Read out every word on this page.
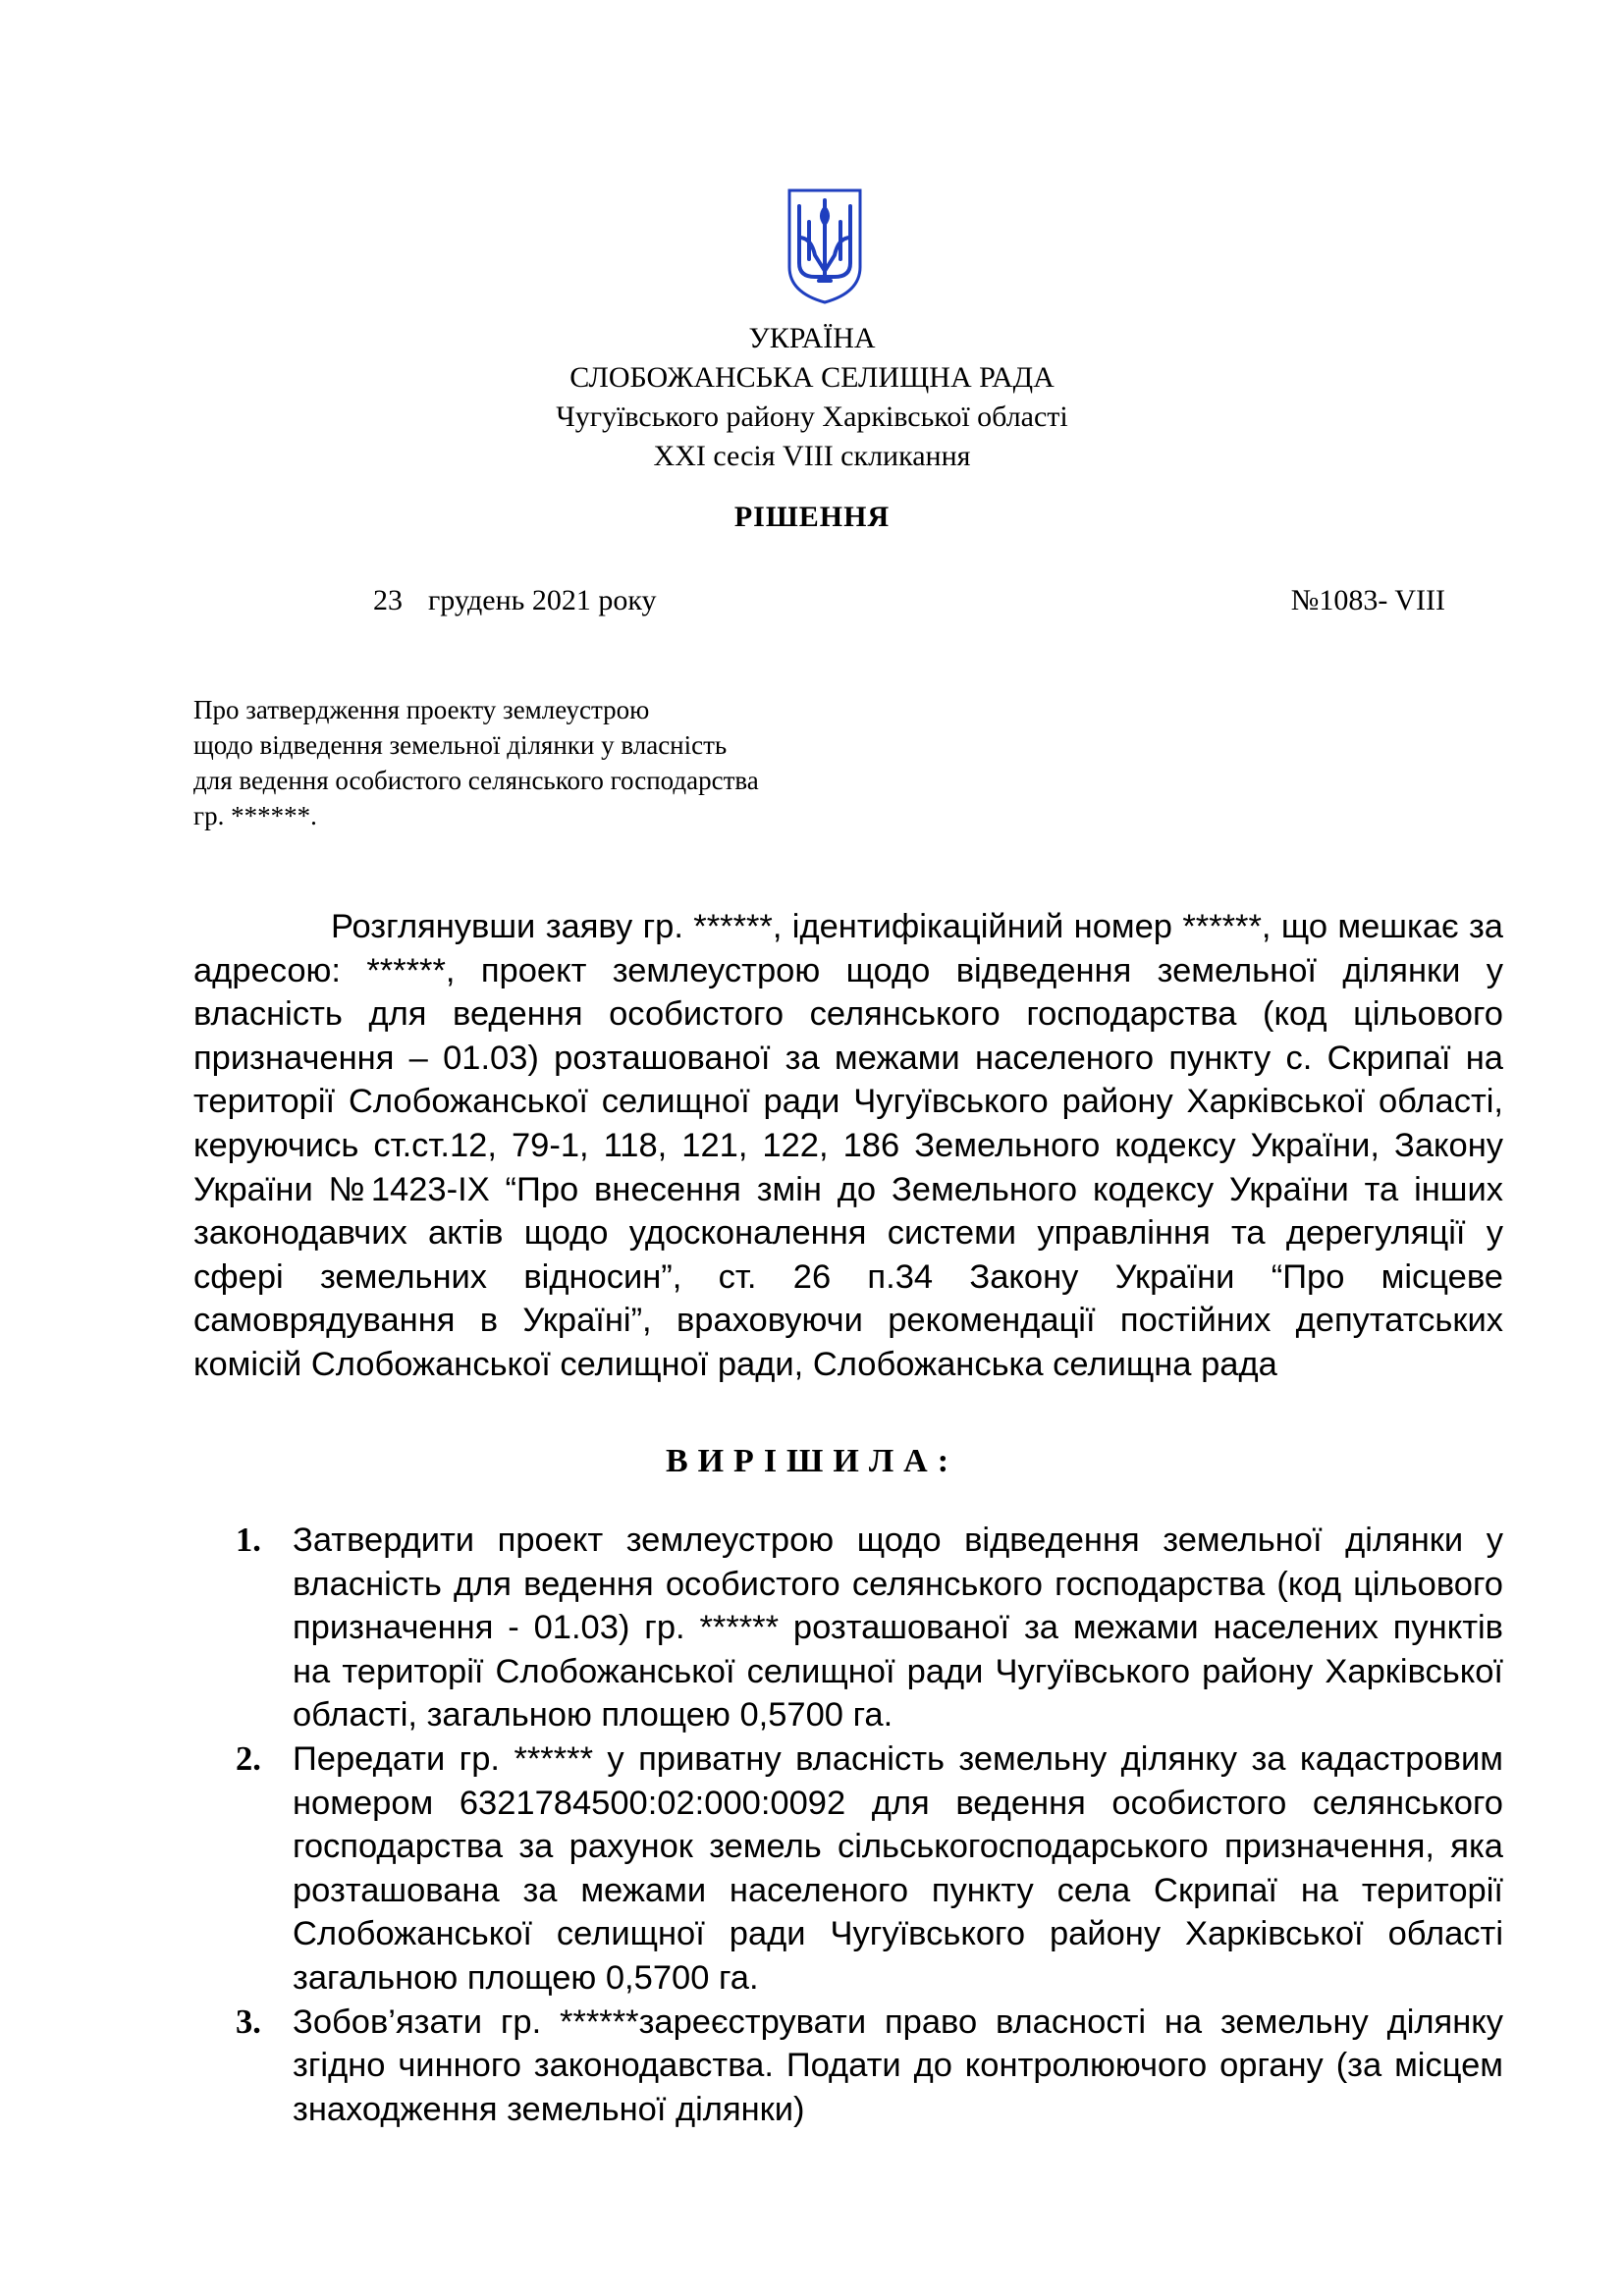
УКРАЇНА
СЛОБОЖАНСЬКА СЕЛИЩНА РАДА
Чугуївського району Харківської області
XXI сесія VIII скликання
РІШЕННЯ
23 грудень 2021 року	№1083- VIII
Про затвердження проекту землеустрою
щодо відведення земельної ділянки у власність
для ведення особистого селянського господарства
гр. ******.
Розглянувши заяву гр. ******, ідентифікаційний номер ******, що мешкає за адресою: ******, проект землеустрою щодо відведення земельної ділянки у власність для ведення особистого селянського господарства (код цільового призначення – 01.03) розташованої за межами населеного пункту с. Скрипаї на території Слобожанської селищної ради Чугуївського району Харківської області, керуючись ст.ст.12, 79-1, 118, 121, 122, 186 Земельного кодексу України, Закону України №1423-IX “Про внесення змін до Земельного кодексу України та інших законодавчих актів щодо удосконалення системи управління та дерегуляції у сфері земельних відносин”, ст. 26 п.34 Закону України “Про місцеве самоврядування в Україні”, враховуючи рекомендації постійних депутатських комісій Слобожанської селищної ради, Слобожанська селищна рада
ВИРІШИЛА:
1. Затвердити проект землеустрою щодо відведення земельної ділянки у власність для ведення особистого селянського господарства (код цільового призначення - 01.03) гр. ****** розташованої за межами населених пунктів на території Слобожанської селищної ради Чугуївського району Харківської області, загальною площею 0,5700 га.
2. Передати гр. ****** у приватну власність земельну ділянку за кадастровим номером 6321784500:02:000:0092 для ведення особистого селянського господарства за рахунок земель сільськогосподарського призначення, яка розташована за межами населеного пункту села Скрипаї на території Слобожанської селищної ради Чугуївського району Харківської області загальною площею 0,5700 га.
3. Зобов’язати гр. ******зареєструвати право власності на земельну ділянку згідно чинного законодавства. Подати до контролюючого органу (за місцем знаходження земельної ділянки)
